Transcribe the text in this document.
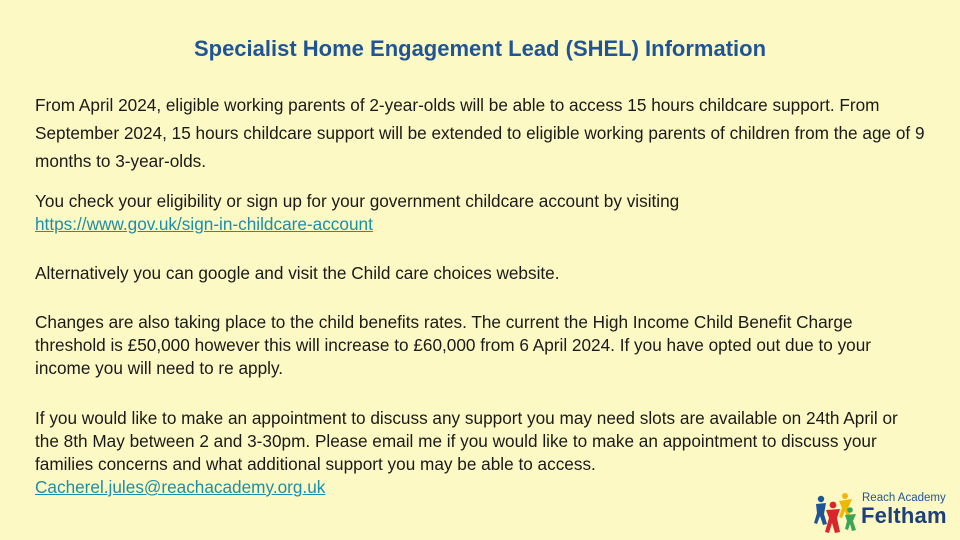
Specialist Home Engagement Lead (SHEL) Information

From April 2024, eligible working parents of 2-year-olds will be able to access 15 hours childcare support. From September 2024, 15 hours childcare support will be extended to eligible working parents of children from the age of 9 months to 3-year-olds.

You check your eligibility or sign up for your government childcare account by visiting
https://www.gov.uk/sign-in-childcare-account

Alternatively you can google and visit the Child care choices website.

Changes are also taking place to the child benefits rates. The current the High Income Child Benefit Charge threshold is £50,000 however this will increase to £60,000 from 6 April 2024. If you have opted out due to your income you will need to re apply.

If you would like to make an appointment to discuss any support you may need slots are available on 24th April or the 8th May between 2 and 3-30pm. Please email me if you would like to make an appointment to discuss your families concerns and what additional support you may be able to access.
Cacherel.jules@reachacademy.org.uk

Reach Academy
Feltham
